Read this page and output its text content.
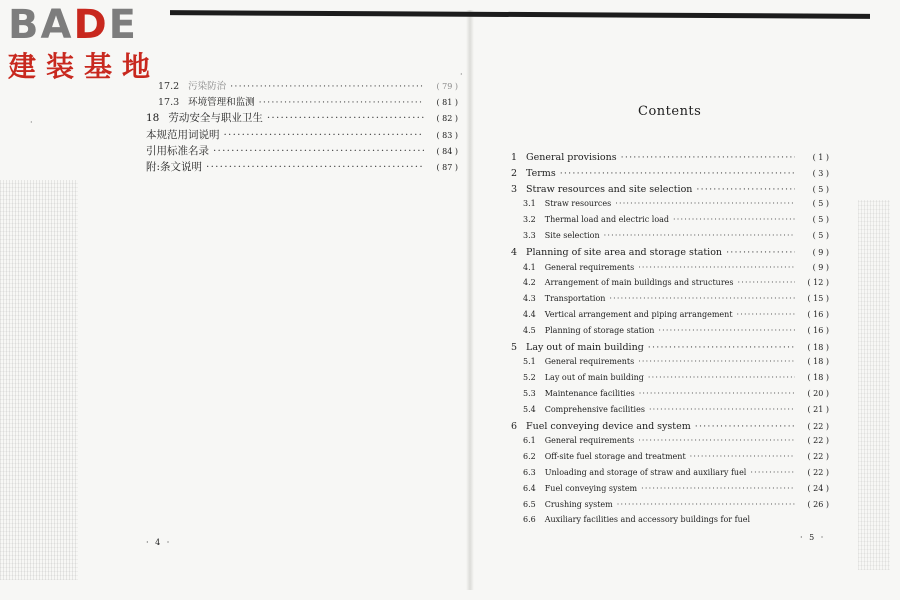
BADE
建装基地
17.2 污染防治 ·····	( 79 )
17.3 环境管理和监测 ·····	( 81 )
18 劳动安全与职业卫生 ·····	( 82 )
本规范用词说明 ·····	( 83 )
引用标准名录 ·····	( 84 )
附:条文说明 ·····	( 87 )
Contents
1 General provisions ·····	( 1 )
2 Terms ·····	( 3 )
3 Straw resources and site selection ·····	( 5 )
3.1 Straw resources ·····	( 5 )
3.2 Thermal load and electric load ·····	( 5 )
3.3 Site selection ·····	( 5 )
4 Planning of site area and storage station ·····	( 9 )
4.1 General requirements ·····	( 9 )
4.2 Arrangement of main buildings and structures ·····	( 12 )
4.3 Transportation ·····	( 15 )
4.4 Vertical arrangement and piping arrangement ·····	( 16 )
4.5 Planning of storage station ·····	( 16 )
5 Lay out of main building ·····	( 18 )
5.1 General requirements ·····	( 18 )
5.2 Lay out of main building ·····	( 18 )
5.3 Maintenance facilities ·····	( 20 )
5.4 Comprehensive facilities ·····	( 21 )
6 Fuel conveying device and system ·····	( 22 )
6.1 General requirements ·····	( 22 )
6.2 Off-site fuel storage and treatment ·····	( 22 )
6.3 Unloading and storage of straw and auxiliary fuel ·····	( 22 )
6.4 Fuel conveying system ·····	( 24 )
6.5 Crushing system ·····	( 26 )
6.6 Auxiliary facilities and accessory buildings for fuel
· 4 ·
· 5 ·
·
·
